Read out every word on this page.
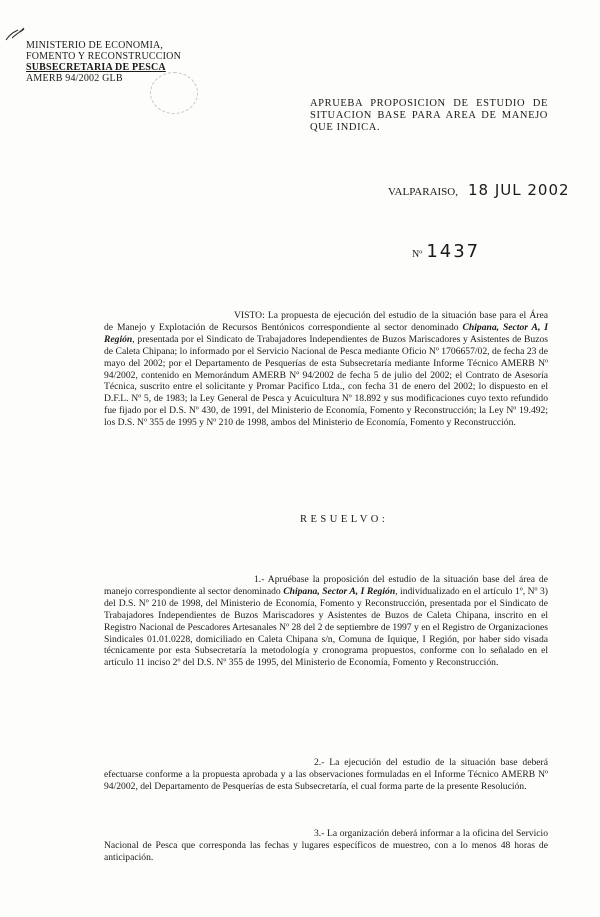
MINISTERIO DE ECONOMIA,
FOMENTO Y RECONSTRUCCION
SUBSECRETARIA DE PESCA
AMERB 94/2002 GLB
APRUEBA PROPOSICION DE ESTUDIO DE SITUACION BASE PARA AREA DE MANEJO QUE INDICA.
VALPARAISO, 18 JUL 2002
Nº 1437
VISTO: La propuesta de ejecución del estudio de la situación base para el Área de Manejo y Explotación de Recursos Bentónicos correspondiente al sector denominado Chipana, Sector A, I Región, presentada por el Sindicato de Trabajadores Independientes de Buzos Mariscadores y Asistentes de Buzos de Caleta Chipana; lo informado por el Servicio Nacional de Pesca mediante Oficio Nº 1706657/02, de fecha 23 de mayo del 2002; por el Departamento de Pesquerías de esta Subsecretaría mediante Informe Técnico AMERB Nº 94/2002, contenido en Memorándum AMERB Nº 94/2002 de fecha 5 de julio del 2002; el Contrato de Asesoría Técnica, suscrito entre el solicitante y Promar Pacifico Ltda., con fecha 31 de enero del 2002; lo dispuesto en el D.F.L. Nº 5, de 1983; la Ley General de Pesca y Acuicultura Nº 18.892 y sus modificaciones cuyo texto refundido fue fijado por el D.S. Nº 430, de 1991, del Ministerio de Economía, Fomento y Reconstrucción; la Ley Nº 19.492; los D.S. Nº 355 de 1995 y Nº 210 de 1998, ambos del Ministerio de Economía, Fomento y Reconstrucción.
RESUELVO:
1.- Apruébase la proposición del estudio de la situación base del área de manejo correspondiente al sector denominado Chipana, Sector A, I Región, individualizado en el artículo 1º, Nº 3) del D.S. Nº 210 de 1998, del Ministerio de Economía, Fomento y Reconstrucción, presentada por el Sindicato de Trabajadores Independientes de Buzos Mariscadores y Asistentes de Buzos de Caleta Chipana, inscrito en el Registro Nacional de Pescadores Artesanales Nº 28 del 2 de septiembre de 1997 y en el Registro de Organizaciones Sindicales 01.01.0228, domiciliado en Caleta Chipana s/n, Comuna de Iquique, I Región, por haber sido visada técnicamente por esta Subsecretaría la metodología y cronograma propuestos, conforme con lo señalado en el artículo 11 inciso 2º del D.S. Nº 355 de 1995, del Ministerio de Economía, Fomento y Reconstrucción.
2.- La ejecución del estudio de la situación base deberá efectuarse conforme a la propuesta aprobada y a las observaciones formuladas en el Informe Técnico AMERB Nº 94/2002, del Departamento de Pesquerías de esta Subsecretaría, el cual forma parte de la presente Resolución.
3.- La organización deberá informar a la oficina del Servicio Nacional de Pesca que corresponda las fechas y lugares específicos de muestreo, con a lo menos 48 horas de anticipación.
